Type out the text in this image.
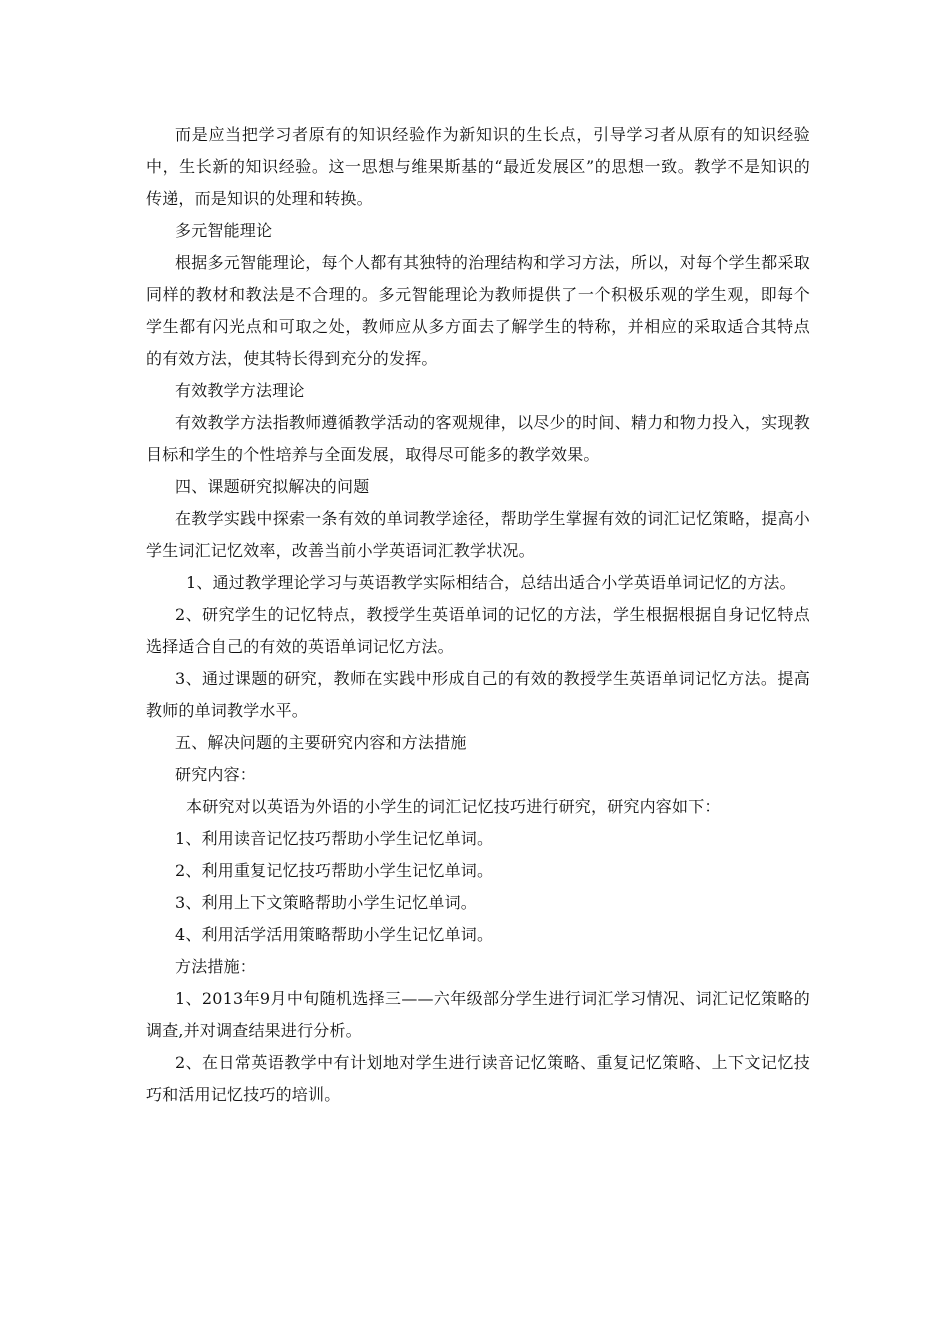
而是应当把学习者原有的知识经验作为新知识的生长点，引导学习者从原有的知识经验中，生长新的知识经验。这一思想与维果斯基的“最近发展区”的思想一致。教学不是知识的传递，而是知识的处理和转换。

多元智能理论

根据多元智能理论，每个人都有其独特的治理结构和学习方法，所以，对每个学生都采取同样的教材和教法是不合理的。多元智能理论为教师提供了一个积极乐观的学生观，即每个学生都有闪光点和可取之处，教师应从多方面去了解学生的特称，并相应的采取适合其特点的有效方法，使其特长得到充分的发挥。

有效教学方法理论

有效教学方法指教师遵循教学活动的客观规律，以尽少的时间、精力和物力投入，实现教目标和学生的个性培养与全面发展，取得尽可能多的教学效果。

四、课题研究拟解决的问题

在教学实践中探索一条有效的单词教学途径，帮助学生掌握有效的词汇记忆策略，提高小学生词汇记忆效率，改善当前小学英语词汇教学状况。

1、通过教学理论学习与英语教学实际相结合，总结出适合小学英语单词记忆的方法。

2、研究学生的记忆特点，教授学生英语单词的记忆的方法，学生根据根据自身记忆特点选择适合自己的有效的英语单词记忆方法。

3、通过课题的研究，教师在实践中形成自己的有效的教授学生英语单词记忆方法。提高教师的单词教学水平。

五、解决问题的主要研究内容和方法措施

研究内容：

本研究对以英语为外语的小学生的词汇记忆技巧进行研究，研究内容如下：

1、利用读音记忆技巧帮助小学生记忆单词。

2、利用重复记忆技巧帮助小学生记忆单词。

3、利用上下文策略帮助小学生记忆单词。

4、利用活学活用策略帮助小学生记忆单词。

方法措施：

1、2013年9月中旬随机选择三——六年级部分学生进行词汇学习情况、词汇记忆策略的调查,并对调查结果进行分析。

2、在日常英语教学中有计划地对学生进行读音记忆策略、重复记忆策略、上下文记忆技巧和活用记忆技巧的培训。
